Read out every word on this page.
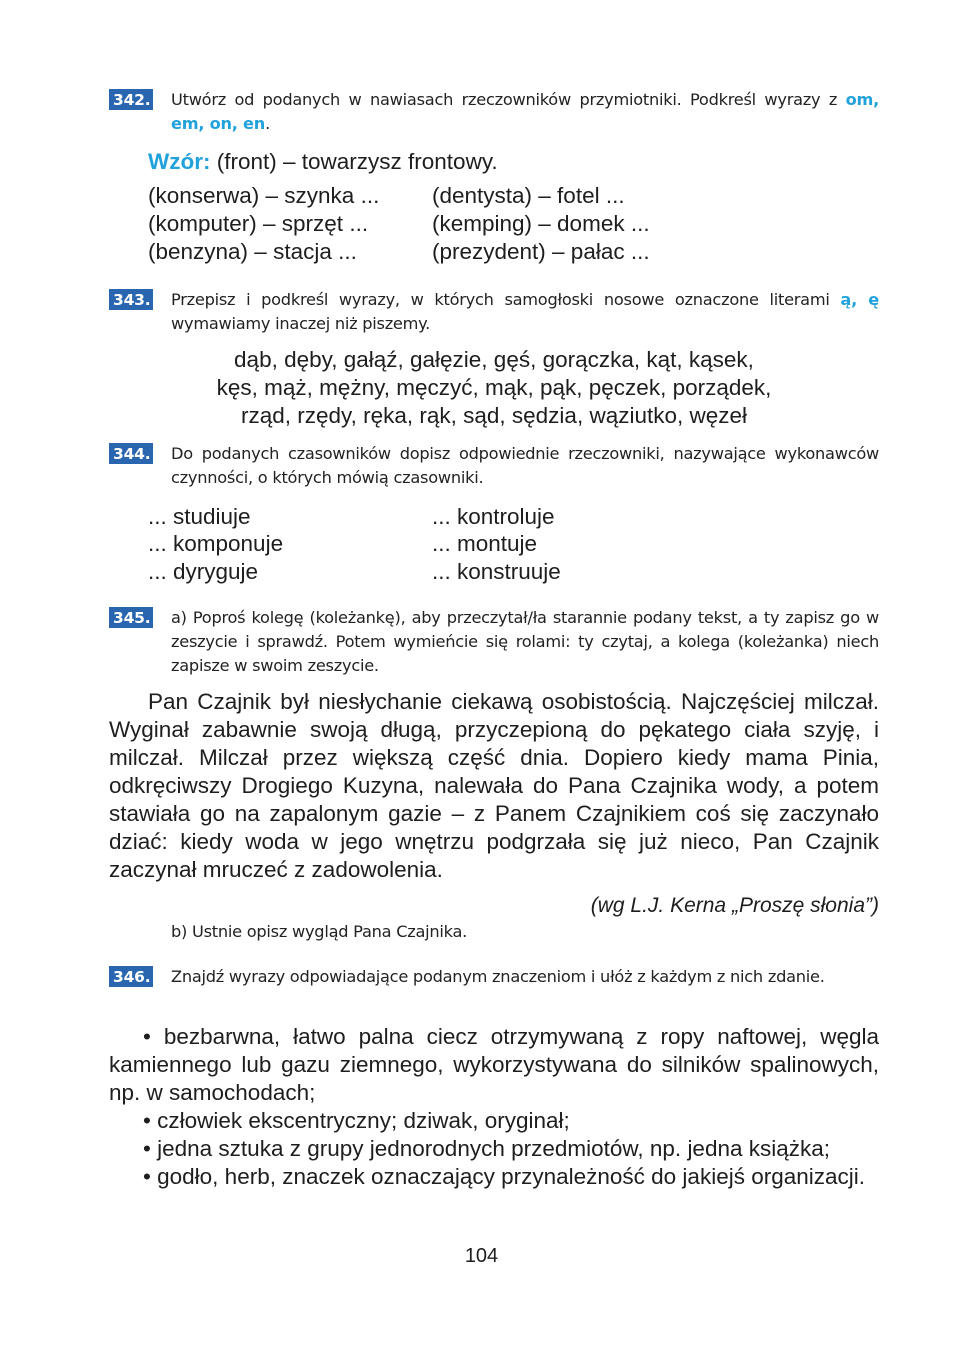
342. Utwórz od podanych w nawiasach rzeczowników przymiotniki. Podkreśl wyrazy z om, em, on, en.
Wzór: (front) – towarzysz frontowy.
(konserwa) – szynka ...
(komputer) – sprzęt ...
(benzyna) – stacja ...
(dentysta) – fotel ...
(kemping) – domek ...
(prezydent) – pałac ...
343. Przepisz i podkreśl wyrazy, w których samogłoski nosowe oznaczone literami ą, ę wymawiamy inaczej niż piszemy.
dąb, dęby, gałąź, gałęzie, gęś, gorączka, kąt, kąsek,
kęs, mąż, mężny, męczyć, mąk, pąk, pęczek, porządek,
rząd, rzędy, ręka, rąk, sąd, sędzia, wąziutko, węzeł
344. Do podanych czasowników dopisz odpowiednie rzeczowniki, nazywające wykonawców czynności, o których mówią czasowniki.
... studiuje
... komponuje
... dyryguje
... kontroluje
... montuje
... konstruuje
345. a) Poproś kolegę (koleżankę), aby przeczytał/ła starannie podany tekst, a ty zapisz go w zeszycie i sprawdź. Potem wymieńcie się rolami: ty czytaj, a kolega (koleżanka) niech zapisze w swoim zeszycie.
Pan Czajnik był niesłychanie ciekawą osobistością. Najczęściej milczał. Wyginał zabawnie swoją długą, przyczepioną do pękatego ciała szyję, i milczał. Milczał przez większą część dnia. Dopiero kiedy mama Pinia, odkręciwszy Drogiego Kuzyna, nalewała do Pana Czajnika wody, a potem stawiała go na zapalonym gazie – z Panem Czajnikiem coś się zaczynało dziać: kiedy woda w jego wnętrzu podgrzała się już nieco, Pan Czajnik zaczynał mruczeć z zadowolenia.
(wg L.J. Kerna „Proszę słonia”)
b) Ustnie opisz wygląd Pana Czajnika.
346. Znajdź wyrazy odpowiadające podanym znaczeniom i ułóż z każdym z nich zdanie.
• bezbarwna, łatwo palna ciecz otrzymywaną z ropy naftowej, węgla kamiennego lub gazu ziemnego, wykorzystywana do silników spalinowych, np. w samochodach;
• człowiek ekscentryczny; dziwak, oryginał;
• jedna sztuka z grupy jednorodnych przedmiotów, np. jedna książka;
• godło, herb, znaczek oznaczający przynależność do jakiejś organizacji.
104
